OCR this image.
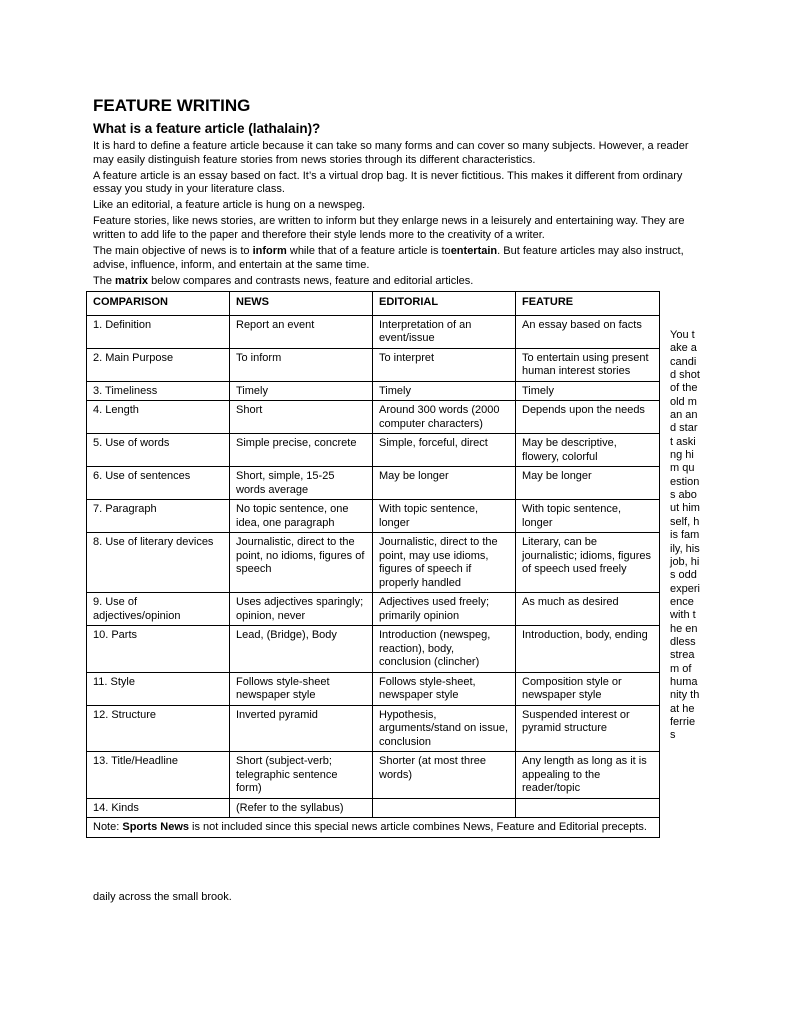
FEATURE WRITING
What is a feature article (lathalain)?

It is hard to define a feature article because it can take so many forms and can cover so many subjects. However, a reader may easily distinguish feature stories from news stories through its different characteristics.

A feature article is an essay based on fact. It’s a virtual drop bag. It is never fictitious. This makes it different from ordinary essay you study in your literature class.

Like an editorial, a feature article is hung on a newspeg.

Feature stories, like news stories, are written to inform but they enlarge news in a leisurely and entertaining way. They are written to add life to the paper and therefore their style lends more to the creativity of a writer.

The main objective of news is to inform while that of a feature article is toentertain. But feature articles may also instruct, advise, influence, inform, and entertain at the same time.

The matrix below compares and contrasts news, feature and editorial articles.

COMPARISON	NEWS	EDITORIAL	FEATURE
1. Definition	Report an event	Interpretation of an event/issue	An essay based on facts
2. Main Purpose	To inform	To interpret	To entertain using present human interest stories
3. Timeliness	Timely	Timely	Timely
4. Length	Short	Around 300 words (2000 computer characters)	Depends upon the needs
5. Use of words	Simple precise, concrete	Simple, forceful, direct	May be descriptive, flowery, colorful
6. Use of sentences	Short, simple, 15-25 words average	May be longer	May be longer
7. Paragraph	No topic sentence, one idea, one paragraph	With topic sentence, longer	With topic sentence, longer
8. Use of literary devices	Journalistic, direct to the point, no idioms, figures of speech	Journalistic, direct to the point, may use idioms, figures of speech if properly handled	Literary, can be journalistic; idioms, figures of speech used freely
9. Use of adjectives/opinion	Uses adjectives sparingly; opinion, never	Adjectives used freely; primarily opinion	As much as desired
10. Parts	Lead, (Bridge), Body	Introduction (newspeg, reaction), body, conclusion (clincher)	Introduction, body, ending
11. Style	Follows style-sheet newspaper style	Follows style-sheet, newspaper style	Composition style or newspaper style
12. Structure	Inverted pyramid	Hypothesis, arguments/stand on issue, conclusion	Suspended interest or pyramid structure
13. Title/Headline	Short (subject-verb; telegraphic sentence form)	Shorter (at most three words)	Any length as long as it is appealing to the reader/topic
14. Kinds	(Refer to the syllabus)		
Note: Sports News is not included since this special news article combines News, Feature and Editorial precepts.			
You take a candid shot of the old man and start asking him questions about himself, his family, his job, his odd experience with the endless stream of humanity that he ferries
daily across the small brook.
